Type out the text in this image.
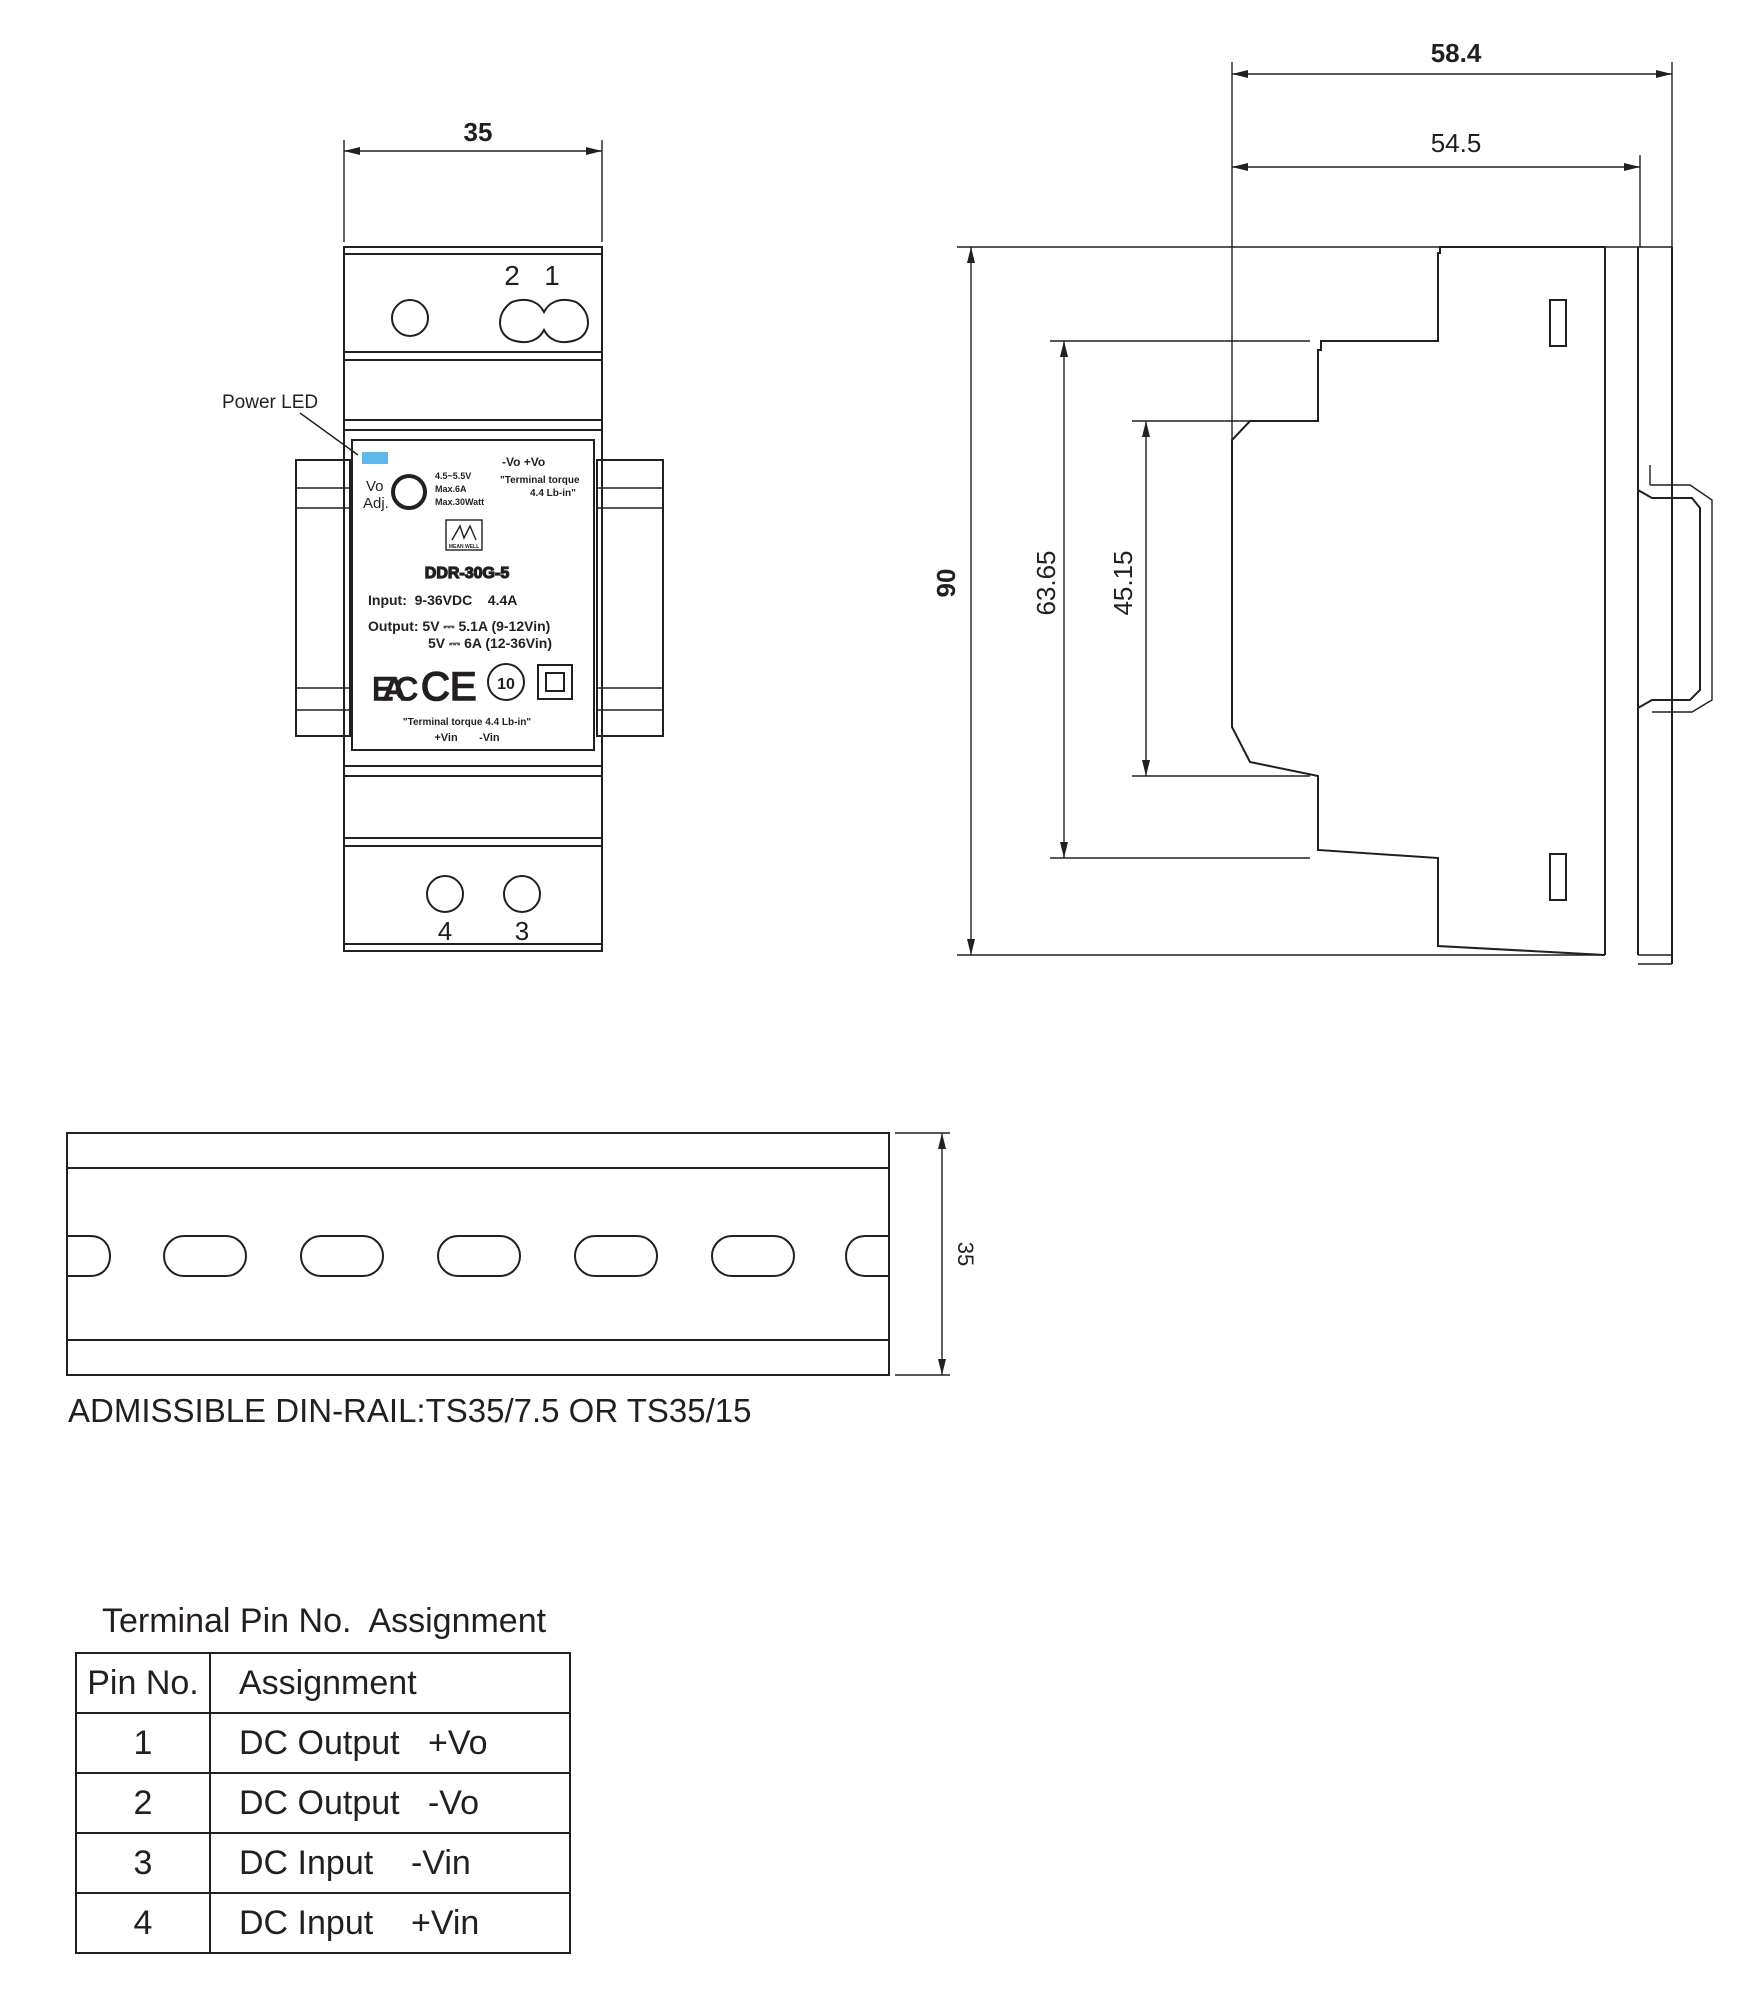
35
2 1
4 3
Power LED
Vo
Adj.
4.5~5.5V
Max.6A
Max.30Watt
-Vo +Vo
"Terminal torque
4.4 Lb-in"
MEAN WELL
DDR-30G-5
Input:  9-36VDC    4.4A
Output: 5V ⎓ 5.1A (9-12Vin)
5V ⎓ 6A (12-36Vin)
EAC CE 10
"Terminal torque 4.4 Lb-in"
+Vin       -Vin
58.4
54.5
90	63.65 45.15
35
ADMISSIBLE DIN-RAIL:TS35/7.5 OR TS35/15
Terminal Pin No.  Assignment
Pin No.	Assignment
1	DC Output   +Vo
2	DC Output   -Vo
3	DC Input    -Vin
4	DC Input    +Vin
